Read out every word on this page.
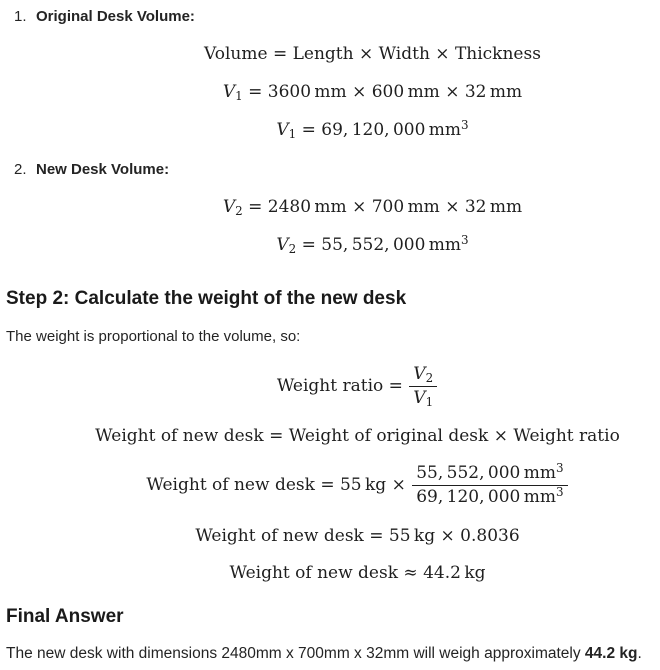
1. Original Desk Volume:
Volume = Length × Width × Thickness
$V_1 = 3600$ mm × 600 mm × 32 mm
$V_1 = 69$, 120, 000 $mm^3$
2. New Desk Volume:
$V_2 = 2480$ mm × 700 mm × 32 mm
$V_2 = 55$, 552, 000 $mm^3$
Step 2: Calculate the weight of the new desk

The weight is proportional to the volume, so:

Weight ratio = $\frac{V_2}{V_1}$
Weight of new desk = Weight of original desk × Weight ratio
Weight of new desk = 55 kg × $\frac{55, 552, 000 mm^3}{69, 120, 000 mm^3}$
Weight of new desk = 55 kg × 0.8036
Weight of new desk ≈ 44.2 kg
Final Answer

The new desk with dimensions 2480mm x 700mm x 32mm will weigh approximately 44.2 kg.
